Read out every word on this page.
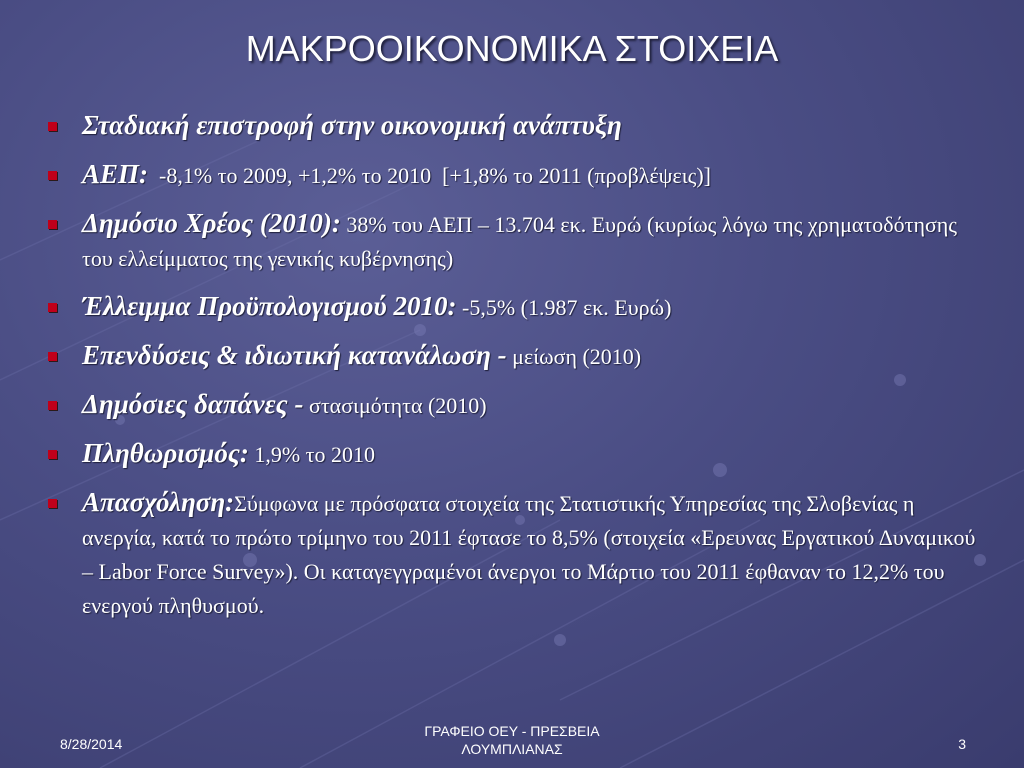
ΜΑΚΡΟΟΙΚΟΝΟΜΙΚΑ ΣΤΟΙΧΕΙΑ
Σταδιακή επιστροφή στην οικονομική ανάπτυξη
ΑΕΠ:  -8,1% το 2009, +1,2% το 2010  [+1,8% το 2011 (προβλέψεις)]
Δημόσιο Χρέος (2010): 38% του ΑΕΠ – 13.704 εκ. Ευρώ (κυρίως λόγω της χρηματοδότησης του ελλείμματος της γενικής κυβέρνησης)
Έλλειμμα Προϋπολογισμού 2010: -5,5% (1.987 εκ. Ευρώ)
Επενδύσεις & ιδιωτική κατανάλωση - μείωση (2010)
Δημόσιες δαπάνες - στασιμότητα (2010)
Πληθωρισμός: 1,9% το 2010
Απασχόληση:Σύμφωνα με πρόσφατα στοιχεία της Στατιστικής Υπηρεσίας της Σλοβενίας η ανεργία, κατά το πρώτο τρίμηνο του 2011 έφτασε το 8,5% (στοιχεία «Ερευνας Εργατικού Δυναμικού – Labor Force Survey»). Οι καταγεγγραμένοι άνεργοι το Μάρτιο του 2011 έφθαναν το 12,2% του ενεργού πληθυσμού.
8/28/2014
ΓΡΑΦΕΙΟ ΟΕΥ - ΠΡΕΣΒΕΙΑ
ΛΟΥΜΠΛΙΑΝΑΣ	3
